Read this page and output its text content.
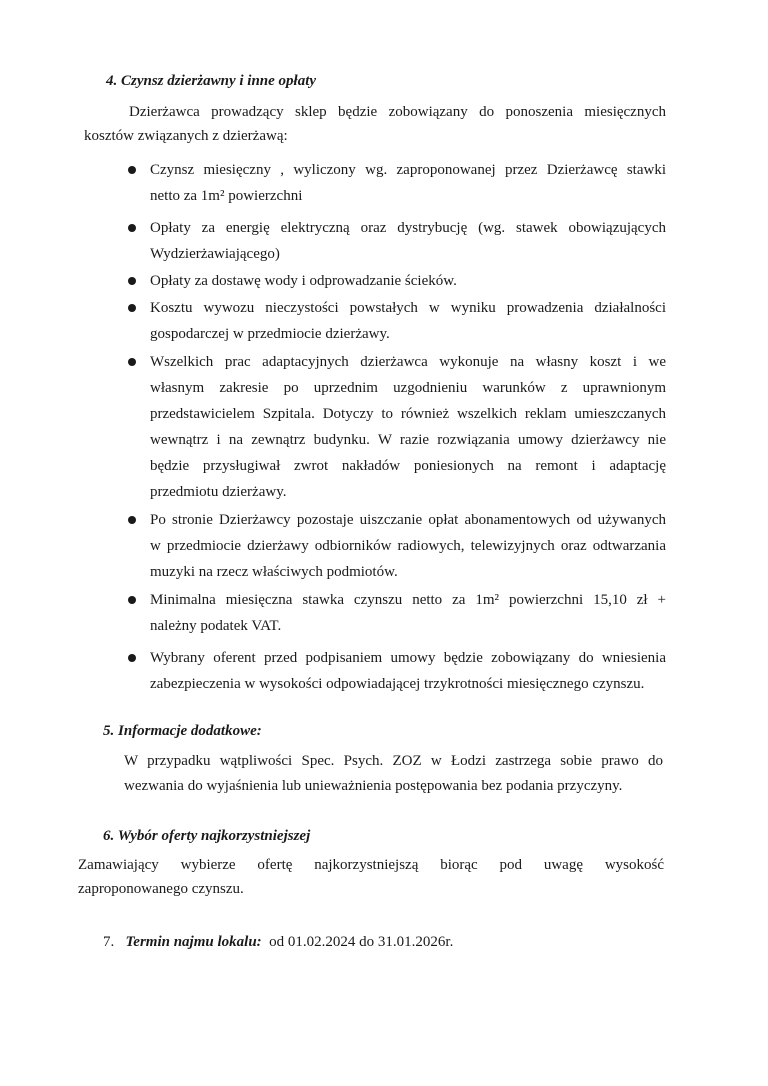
4. Czynsz dzierżawny i inne opłaty
Dzierżawca prowadzący sklep będzie zobowiązany do ponoszenia miesięcznych
kosztów związanych z dzierżawą:
Czynsz miesięczny , wyliczony wg. zaproponowanej przez Dzierżawcę stawki
netto za 1m² powierzchni
Opłaty za energię elektryczną oraz dystrybucję (wg. stawek obowiązujących
Wydzierżawiającego)
Opłaty za dostawę wody i odprowadzanie ścieków.
Kosztu wywozu nieczystości powstałych w wyniku prowadzenia działalności
gospodarczej w przedmiocie dzierżawy.
Wszelkich prac adaptacyjnych dzierżawca wykonuje na własny koszt i we
własnym zakresie po uprzednim uzgodnieniu warunków z uprawnionym
przedstawicielem Szpitala. Dotyczy to również wszelkich reklam umieszczanych
wewnątrz i na zewnątrz budynku. W razie rozwiązania umowy dzierżawcy nie
będzie przysługiwał zwrot nakładów poniesionych na remont i adaptację
przedmiotu dzierżawy.
Po stronie Dzierżawcy pozostaje uiszczanie opłat abonamentowych od używanych
w przedmiocie dzierżawy odbiorników radiowych, telewizyjnych oraz odtwarzania
muzyki na rzecz właściwych podmiotów.
Minimalna miesięczna stawka czynszu netto za 1m² powierzchni 15,10 zł +
należny podatek VAT.
Wybrany oferent przed podpisaniem umowy będzie zobowiązany do wniesienia
zabezpieczenia w wysokości odpowiadającej trzykrotności miesięcznego czynszu.
5. Informacje dodatkowe:
W przypadku wątpliwości Spec. Psych. ZOZ w Łodzi zastrzega sobie prawo do
wezwania do wyjaśnienia lub unieważnienia postępowania bez podania przyczyny.
6. Wybór oferty najkorzystniejszej
Zamawiający wybierze ofertę najkorzystniejszą biorąc pod uwagę wysokość
zaproponowanego czynszu.
7. Termin najmu lokalu: od 01.02.2024 do 31.01.2026r.
